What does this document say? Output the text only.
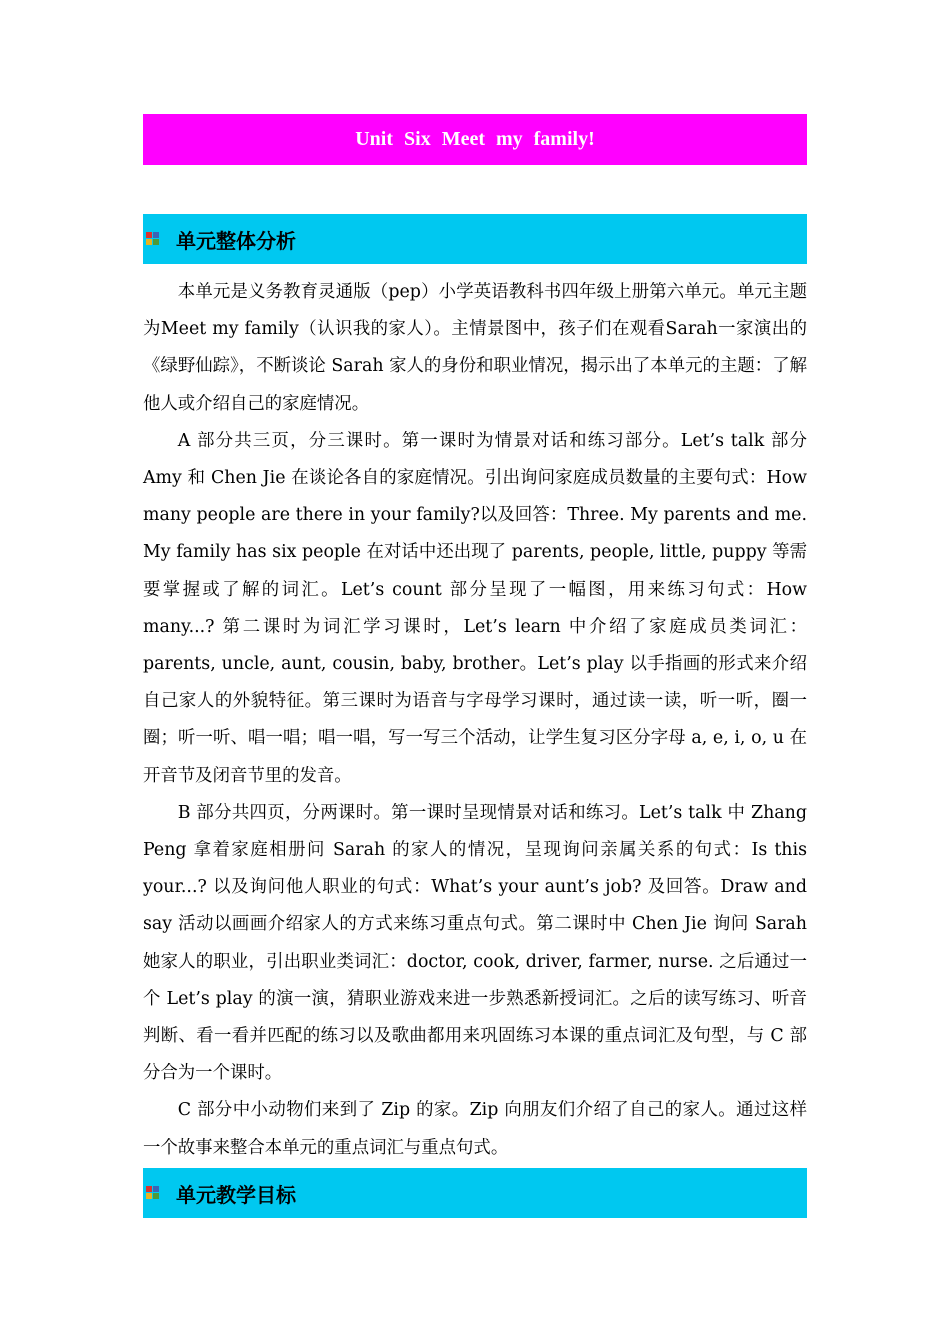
Unit Six Meet my family!
单元整体分析

本单元是义务教育灵通版（pep）小学英语教科书四年级上册第六单元。单元主题为Meet my family（认识我的家人）。主情景图中，孩子们在观看Sarah一家演出的《绿野仙踪》，不断谈论 Sarah 家人的身份和职业情况，揭示出了本单元的主题：了解他人或介绍自己的家庭情况。

A 部分共三页，分三课时。第一课时为情景对话和练习部分。Let’s talk 部分 Amy 和 Chen Jie 在谈论各自的家庭情况。引出询问家庭成员数量的主要句式：How many people are there in your family?以及回答：Three. My parents and me. My family has six people 在对话中还出现了 parents, people, little, puppy 等需要掌握或了解的词汇。Let’s count 部分呈现了一幅图，用来练习句式：How many...? 第二课时为词汇学习课时，Let’s learn 中介绍了家庭成员类词汇：parents, uncle, aunt, cousin, baby, brother。Let’s play 以手指画的形式来介绍自己家人的外貌特征。第三课时为语音与字母学习课时，通过读一读，听一听，圈一圈；听一听、唱一唱；唱一唱，写一写三个活动，让学生复习区分字母 a, e, i, o, u 在开音节及闭音节里的发音。

B 部分共四页，分两课时。第一课时呈现情景对话和练习。Let’s talk 中 Zhang Peng 拿着家庭相册问 Sarah 的家人的情况，呈现询问亲属关系的句式：Is this your...? 以及询问他人职业的句式：What’s your aunt’s job? 及回答。Draw and say 活动以画画介绍家人的方式来练习重点句式。第二课时中 Chen Jie 询问 Sarah 她家人的职业，引出职业类词汇：doctor, cook, driver, farmer, nurse. 之后通过一个 Let’s play 的演一演，猜职业游戏来进一步熟悉新授词汇。之后的读写练习、听音判断、看一看并匹配的练习以及歌曲都用来巩固练习本课的重点词汇及句型，与 C 部分合为一个课时。

C 部分中小动物们来到了 Zip 的家。Zip 向朋友们介绍了自己的家人。通过这样一个故事来整合本单元的重点词汇与重点句式。

单元教学目标
